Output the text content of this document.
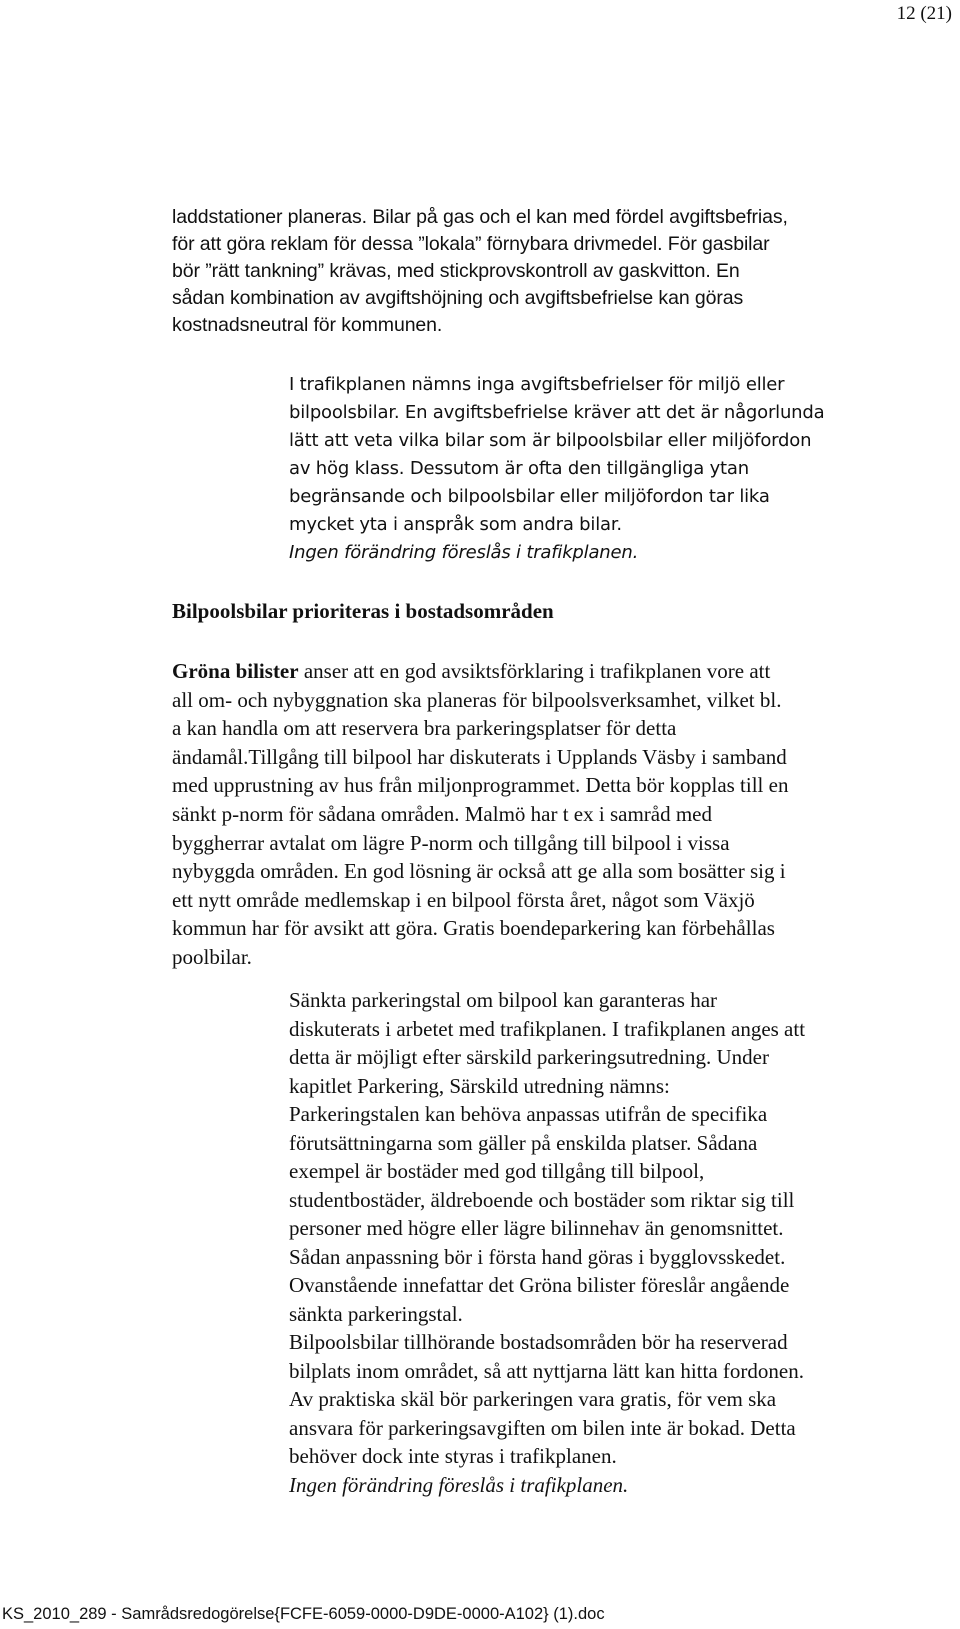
12 (21)
laddstationer planeras. Bilar på gas och el kan med fördel avgiftsbefrias,
för att göra reklam för dessa ”lokala” förnybara drivmedel. För gasbilar
bör ”rätt tankning” krävas, med stickprovskontroll av gaskvitton. En
sådan kombination av avgiftshöjning och avgiftsbefrielse kan göras
kostnadsneutral för kommunen.
I trafikplanen nämns inga avgiftsbefrielser för miljö eller
bilpoolsbilar. En avgiftsbefrielse kräver att det är någorlunda
lätt att veta vilka bilar som är bilpoolsbilar eller miljöfordon
av hög klass. Dessutom är ofta den tillgängliga ytan
begränsande och bilpoolsbilar eller miljöfordon tar lika
mycket yta i anspråk som andra bilar.
Ingen förändring föreslås i trafikplanen.
Bilpoolsbilar prioriteras i bostadsområden
Gröna bilister anser att en god avsiktsförklaring i trafikplanen vore att
all om- och nybyggnation ska planeras för bilpoolsverksamhet, vilket bl.
a kan handla om att reservera bra parkeringsplatser för detta
ändamål.Tillgång till bilpool har diskuterats i Upplands Väsby i samband
med upprustning av hus från miljonprogrammet. Detta bör kopplas till en
sänkt p-norm för sådana områden. Malmö har t ex i samråd med
byggherrar avtalat om lägre P-norm och tillgång till bilpool i vissa
nybyggda områden. En god lösning är också att ge alla som bosätter sig i
ett nytt område medlemskap i en bilpool första året, något som Växjö
kommun har för avsikt att göra. Gratis boendeparkering kan förbehållas
poolbilar.
Sänkta parkeringstal om bilpool kan garanteras har
diskuterats i arbetet med trafikplanen. I trafikplanen anges att
detta är möjligt efter särskild parkeringsutredning. Under
kapitlet Parkering, Särskild utredning nämns:
Parkeringstalen kan behöva anpassas utifrån de specifika
förutsättningarna som gäller på enskilda platser. Sådana
exempel är bostäder med god tillgång till bilpool,
studentbostäder, äldreboende och bostäder som riktar sig till
personer med högre eller lägre bilinnehav än genomsnittet.
Sådan anpassning bör i första hand göras i bygglovsskedet.
Ovanstående innefattar det Gröna bilister föreslår angående
sänkta parkeringstal.
Bilpoolsbilar tillhörande bostadsområden bör ha reserverad
bilplats inom området, så att nyttjarna lätt kan hitta fordonen.
Av praktiska skäl bör parkeringen vara gratis, för vem ska
ansvara för parkeringsavgiften om bilen inte är bokad. Detta
behöver dock inte styras i trafikplanen.
Ingen förändring föreslås i trafikplanen.
KS_2010_289 - Samrådsredogörelse{FCFE-6059-0000-D9DE-0000-A102} (1).doc
